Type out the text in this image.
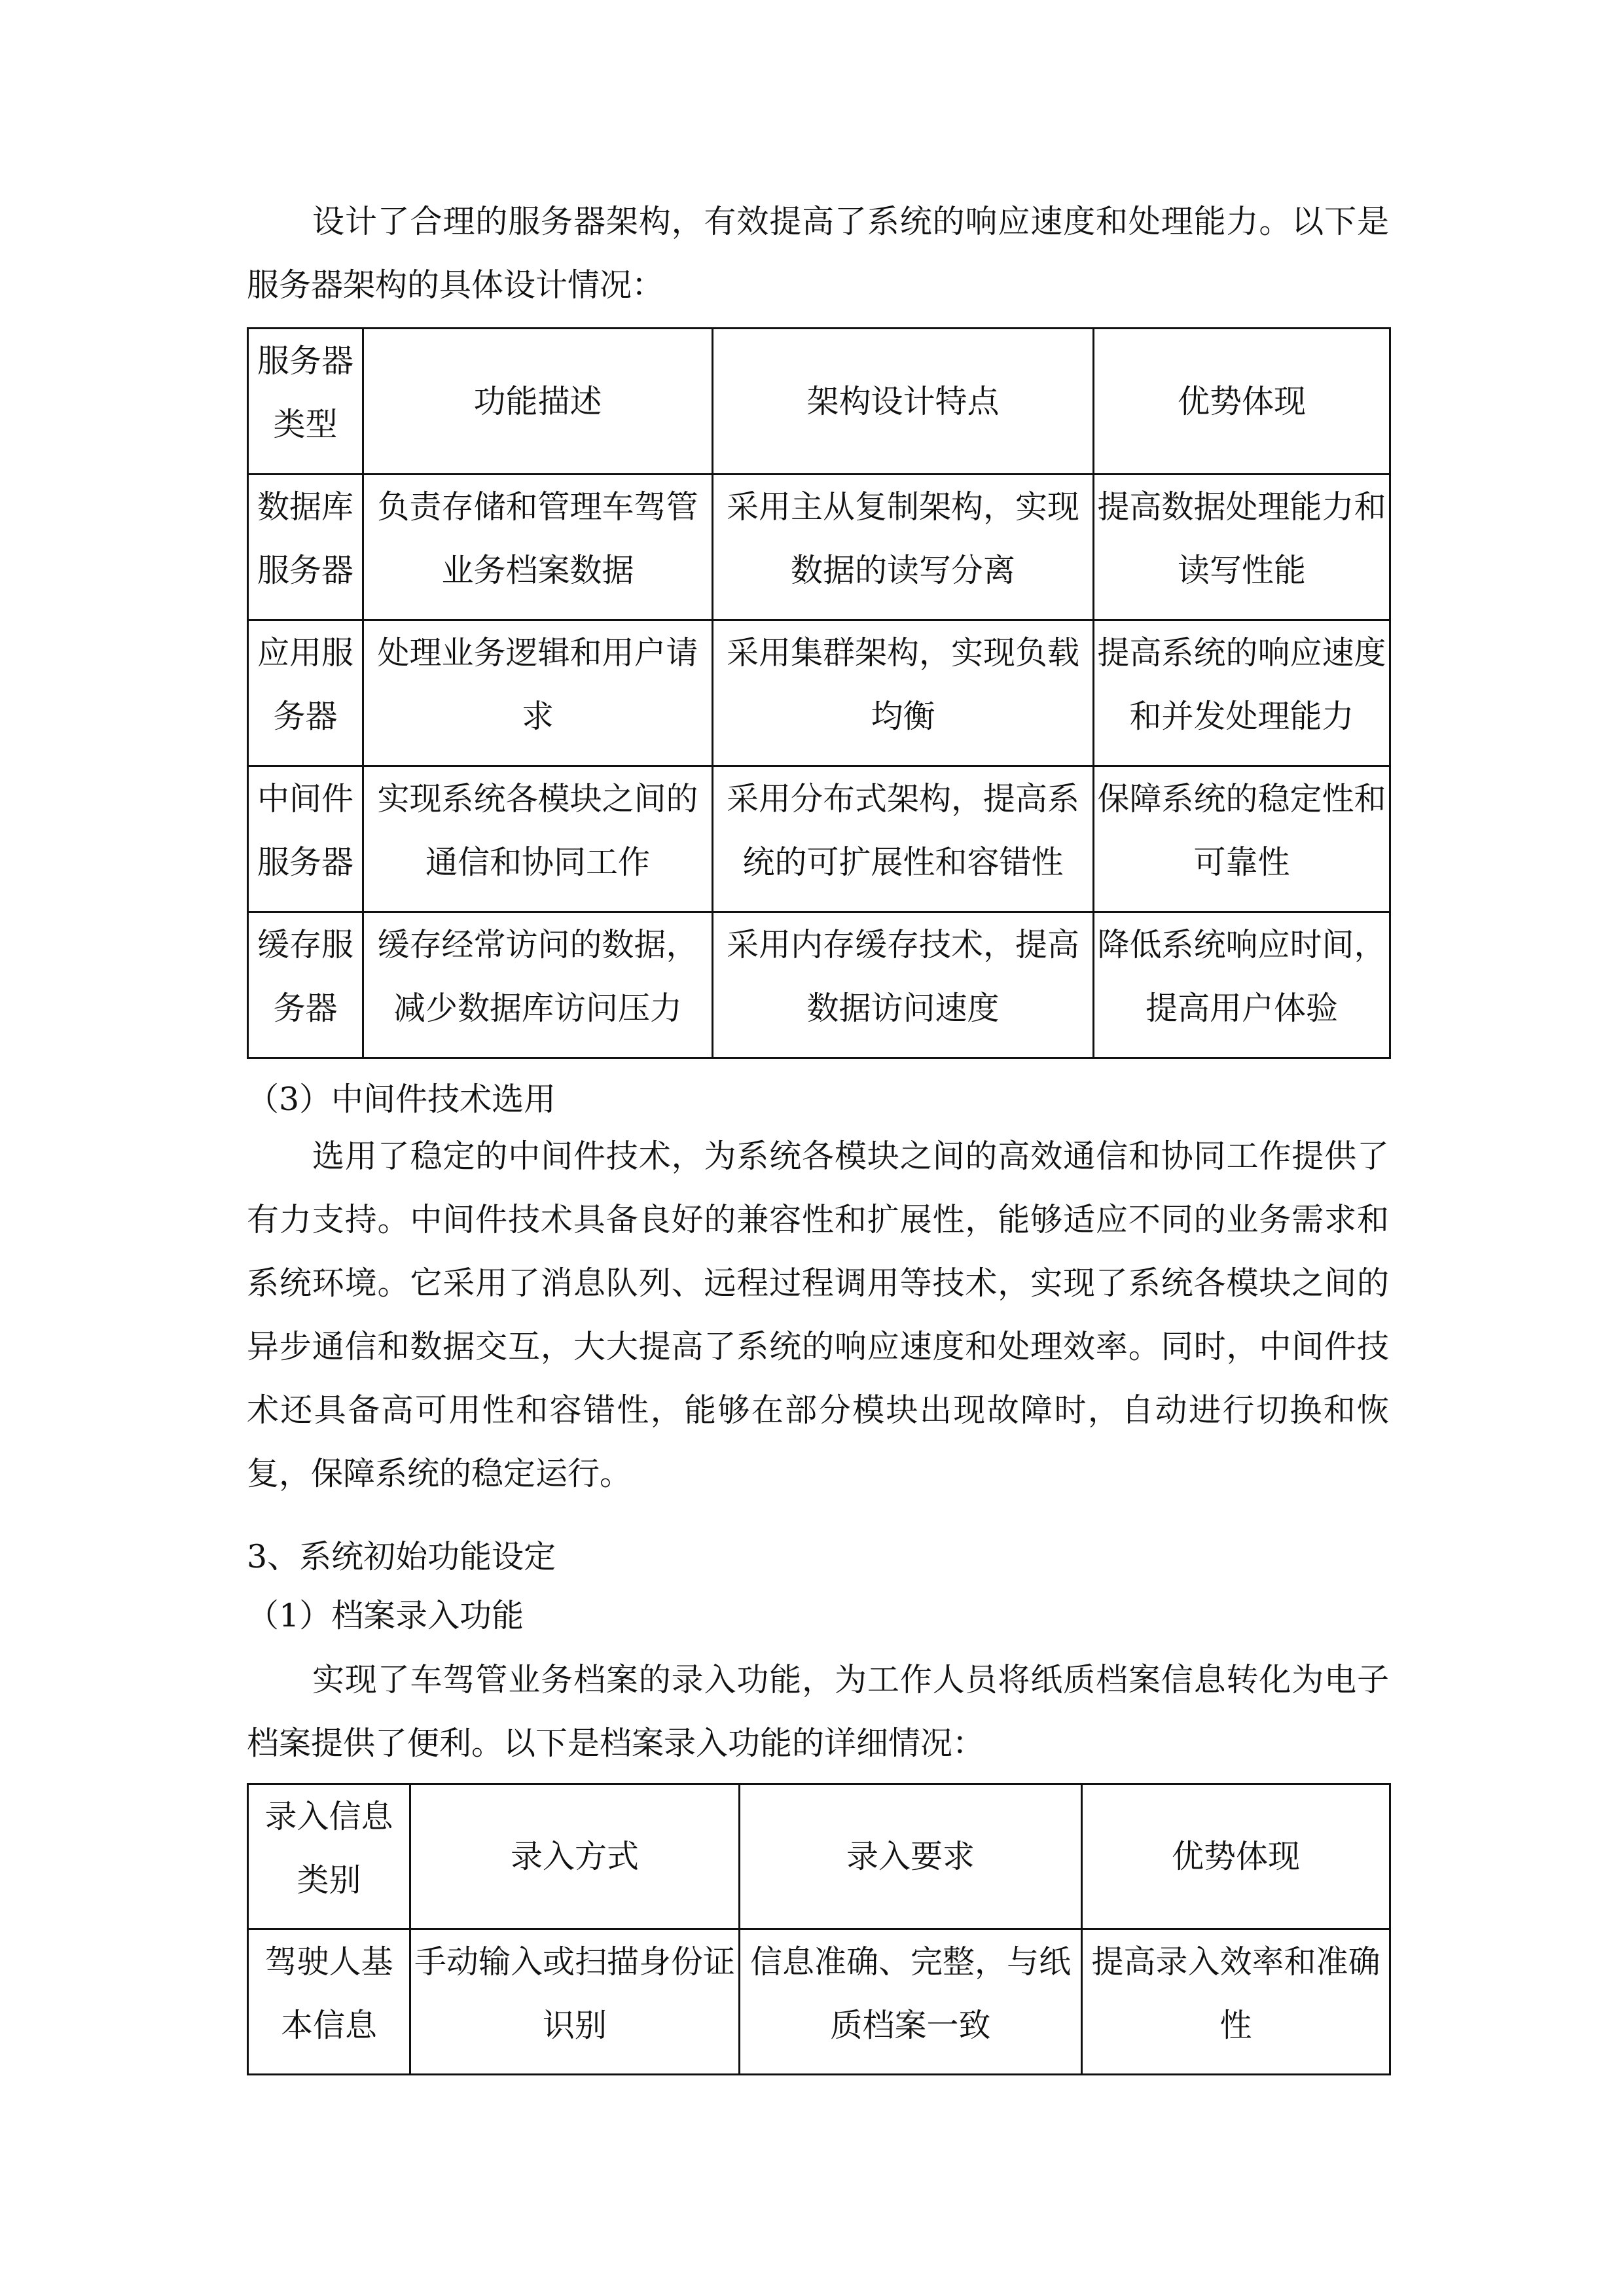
设计了合理的服务器架构，有效提高了系统的响应速度和处理能力。以下是服务器架构的具体设计情况：
服务器类型	功能描述	架构设计特点	优势体现
数据库服务器	负责存储和管理车驾管业务档案数据	采用主从复制架构，实现数据的读写分离	提高数据处理能力和读写性能
应用服务器	处理业务逻辑和用户请求	采用集群架构，实现负载均衡	提高系统的响应速度和并发处理能力
中间件服务器	实现系统各模块之间的通信和协同工作	采用分布式架构，提高系统的可扩展性和容错性	保障系统的稳定性和可靠性
缓存服务器	缓存经常访问的数据，减少数据库访问压力	采用内存缓存技术，提高数据访问速度	降低系统响应时间，提高用户体验
（3）中间件技术选用
选用了稳定的中间件技术，为系统各模块之间的高效通信和协同工作提供了有力支持。中间件技术具备良好的兼容性和扩展性，能够适应不同的业务需求和系统环境。它采用了消息队列、远程过程调用等技术，实现了系统各模块之间的异步通信和数据交互，大大提高了系统的响应速度和处理效率。同时，中间件技术还具备高可用性和容错性，能够在部分模块出现故障时，自动进行切换和恢复，保障系统的稳定运行。
3、系统初始功能设定
（1）档案录入功能
实现了车驾管业务档案的录入功能，为工作人员将纸质档案信息转化为电子档案提供了便利。以下是档案录入功能的详细情况：
录入信息类别	录入方式	录入要求	优势体现
驾驶人基本信息	手动输入或扫描身份证识别	信息准确、完整，与纸质档案一致	提高录入效率和准确性
